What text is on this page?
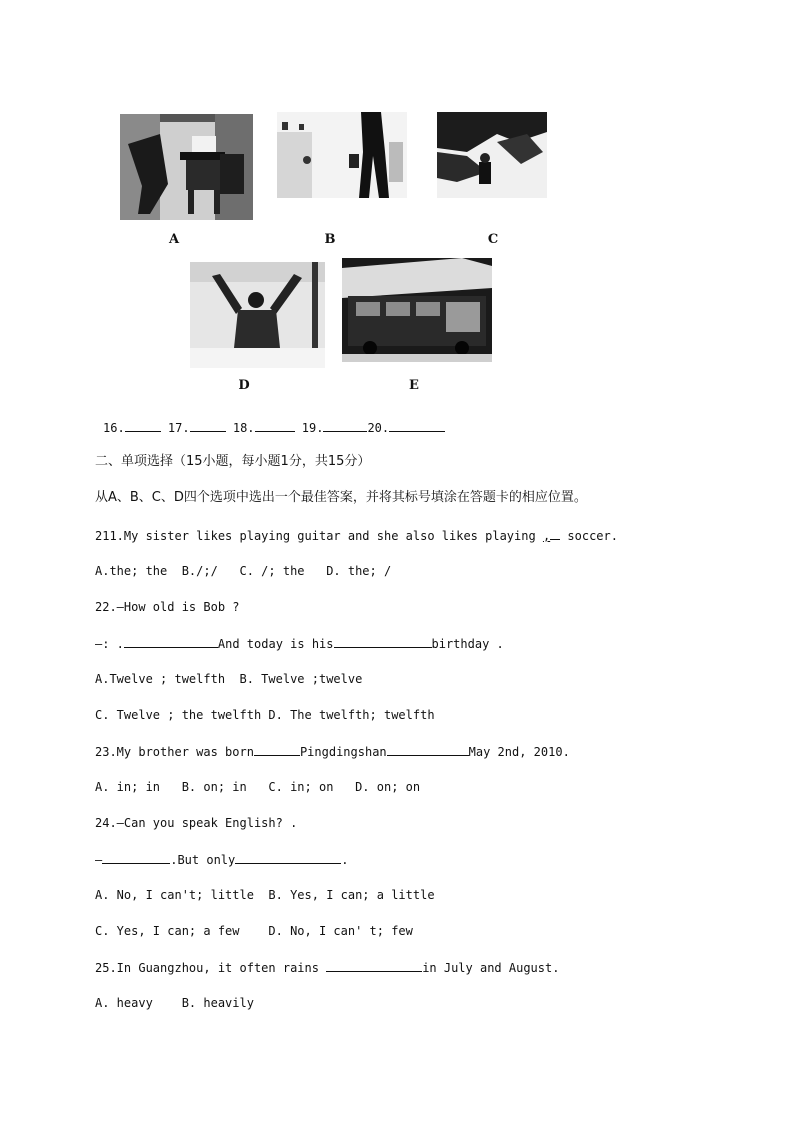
A	B	C
D	E
16.	17.	18.	19.	20.
二、单项选择（15小题，每小题1分，共15分）
从A、B、C、D四个选项中选出一个最佳答案，并将其标号填涂在答题卡的相应位置。
211.My sister likes playing guitar and she also likes playing , soccer.
A.the; the  B./;/   C. /; the   D. the; /
22.—How old is Bob ?
—: .	And today is his	birthday .
A.Twelve ; twelfth  B. Twelve ;twelve
C. Twelve ; the twelfth D. The twelfth; twelfth
23.My brother was born	Pingdingshan	May 2nd, 2010.
A. in; in   B. on; in   C. in; on   D. on; on
24.—Can you speak English? .
—	.But only	.
A. No, I can't; little  B. Yes, I can; a little
C. Yes, I can; a few    D. No, I can' t; few
25.In Guangzhou, it often rains	in July and August.
A. heavy    B. heavily
